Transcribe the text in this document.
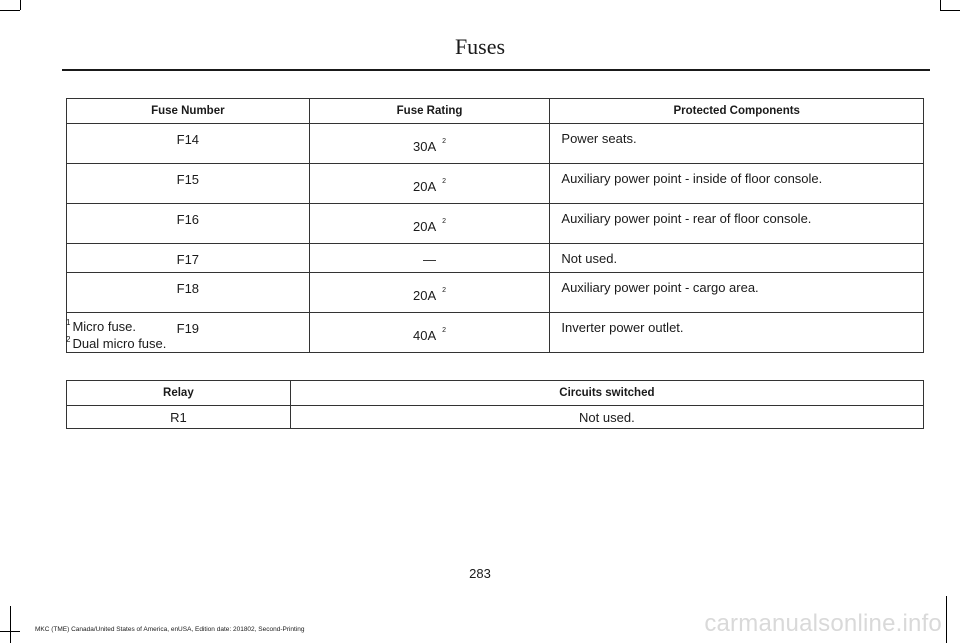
Fuses
Fuse Number	Fuse Rating	Protected Components
F14	30A $^2$	Power seats.
F15	20A $^2$	Auxiliary power point - inside of floor console.
F16	20A $^2$	Auxiliary power point - rear of floor console.
F17	—	Not used.
F18	20A $^2$	Auxiliary power point - cargo area.
F19	40A $^2$	Inverter power outlet.
$^1$ Micro fuse.
$^2$ Dual micro fuse.
Relay	Circuits switched
R1	Not used.
283
MKC (TME) Canada/United States of America, enUSA, Edition date: 201802, Second-Printing	carmanualsonline.info
